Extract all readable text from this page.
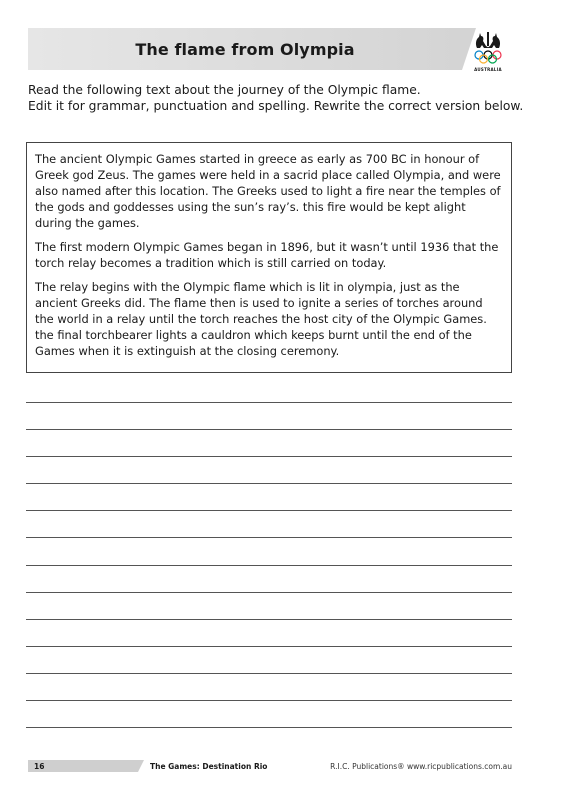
The flame from Olympia
AUSTRALIA
Read the following text about the journey of the Olympic flame.
Edit it for grammar, punctuation and spelling. Rewrite the correct version below.

The ancient Olympic Games started in greece as early as 700 BC in honour of Greek god Zeus. The games were held in a sacrid place called Olympia, and were also named after this location. The Greeks used to light a fire near the temples of the gods and goddesses using the sun’s ray’s. this fire would be kept alight during the games.

The first modern Olympic Games began in 1896, but it wasn’t until 1936 that the torch relay becomes a tradition which is still carried on today.

The relay begins with the Olympic flame which is lit in olympia, just as the ancient Greeks did. The flame then is used to ignite a series of torches around the world in a relay until the torch reaches the host city of the Olympic Games. the final torchbearer lights a cauldron which keeps burnt until the end of the Games when it is extinguish at the closing ceremony.

16	The Games: Destination Rio	R.I.C. Publications® www.ricpublications.com.au
